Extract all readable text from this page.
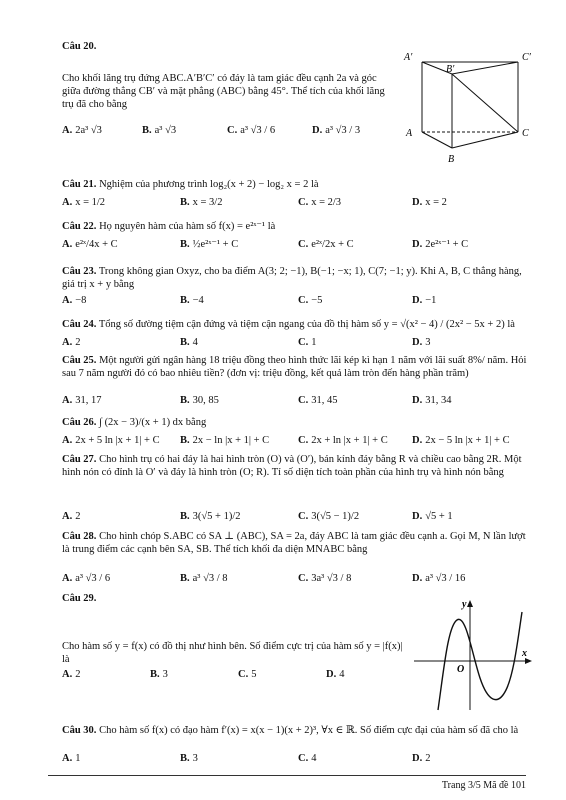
Câu 20.
Cho khối lăng trụ đứng ABC.A′B′C′ có đáy là tam giác đều cạnh 2a và góc giữa đường thẳng CB′ và mặt phẳng (ABC) bằng 45°. Thể tích của khối lăng trụ đã cho bằng
A. 2a³ √3	B. a³ √3	C. a³ √3 / 6	D. a³ √3 / 3
A′	C′
B′
A	C
B
Câu 21. Nghiệm của phương trình log₂(x + 2) − log₂ x = 2 là
A. x = 1/2	B. x = 3/2	C. x = 2/3	D. x = 2
Câu 22. Họ nguyên hàm của hàm số f(x) = e²ˣ⁻¹ là
A. e²ˣ/4x + C	B. ½e²ˣ⁻¹ + C	C. e²ˣ/2x + C	D. 2e²ˣ⁻¹ + C
Câu 23. Trong không gian Oxyz, cho ba điểm A(3; 2; −1), B(−1; −x; 1), C(7; −1; y). Khi A, B, C thẳng hàng, giá trị x + y bằng
A. −8	B. −4	C. −5	D. −1
Câu 24. Tổng số đường tiệm cận đứng và tiệm cận ngang của đồ thị hàm số y = √(x² − 4) / (2x² − 5x + 2) là
A. 2	B. 4	C. 1	D. 3
Câu 25. Một người gửi ngân hàng 18 triệu đồng theo hình thức lãi kép kì hạn 1 năm với lãi suất 8%/ năm. Hỏi sau 7 năm người đó có bao nhiêu tiền? (đơn vị: triệu đồng, kết quả làm tròn đến hàng phần trăm)
A. 31, 17	B. 30, 85	C. 31, 45	D. 31, 34
Câu 26. ∫ (2x − 3)/(x + 1) dx bằng
A. 2x + 5 ln |x + 1| + C B. 2x − ln |x + 1| + C	C. 2x + ln |x + 1| + C D. 2x − 5 ln |x + 1| + C
Câu 27. Cho hình trụ có hai đáy là hai hình tròn (O) và (O′), bán kính đáy bằng R và chiều cao bằng 2R. Một hình nón có đỉnh là O′ và đáy là hình tròn (O; R). Tỉ số diện tích toàn phần của hình trụ và hình nón bằng
A. 2	B. 3(√5 + 1)/2	C. 3(√5 − 1)/2	D. √5 + 1
Câu 28. Cho hình chóp S.ABC có SA ⊥ (ABC), SA = 2a, đáy ABC là tam giác đều cạnh a. Gọi M, N lần lượt là trung điểm các cạnh bên SA, SB. Thể tích khối đa diện MNABC bằng
A. a³ √3 / 6	B. a³ √3 / 8	C. 3a³ √3 / 8	D. a³ √3 / 16
Câu 29.
Cho hàm số y = f(x) có đồ thị như hình bên. Số điểm cực trị của hàm số y = |f(x)| là
A. 2	B. 3	C. 5	D. 4
y
x
O
Câu 30. Cho hàm số f(x) có đạo hàm f′(x) = x(x − 1)(x + 2)³, ∀x ∈ ℝ. Số điểm cực đại của hàm số đã cho là
A. 1	B. 3	C. 4	D. 2
Trang 3/5 Mã đề 101
